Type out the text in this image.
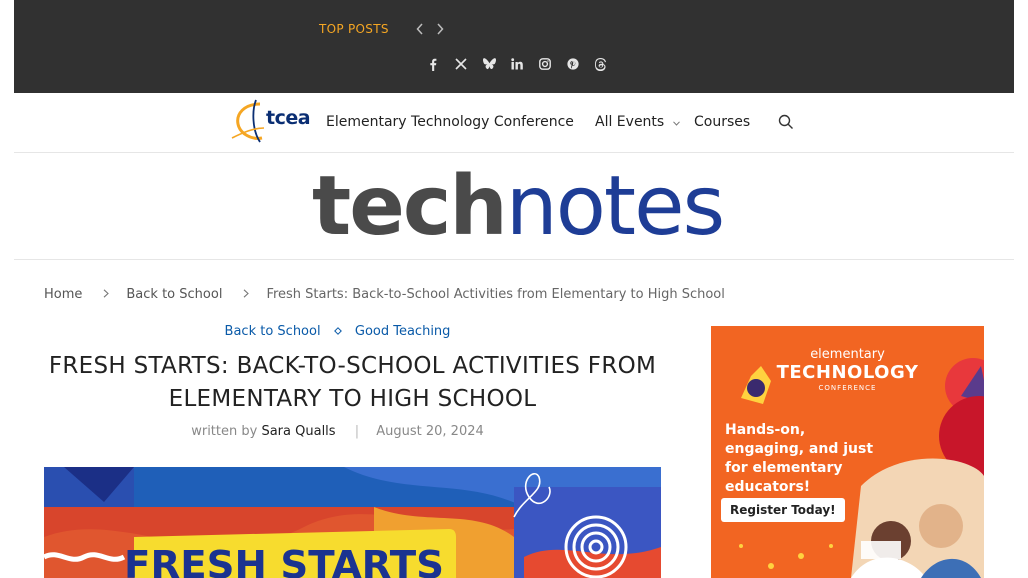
TOP POSTS
tcea Elementary Technology Conference All Events	Courses
technotes
Home	Back to School	Fresh Starts: Back-to-School Activities from Elementary to High School
Back to School	Good Teaching
FRESH STARTS: BACK-TO-SCHOOL ACTIVITIES FROM ELEMENTARY TO HIGH SCHOOL
written by Sara Qualls | August 20, 2024
FRESH STARTS
elementary
TECHNOLOGY
CONFERENCE
Hands-on, engaging, and just for elementary educators!
Register Today!
